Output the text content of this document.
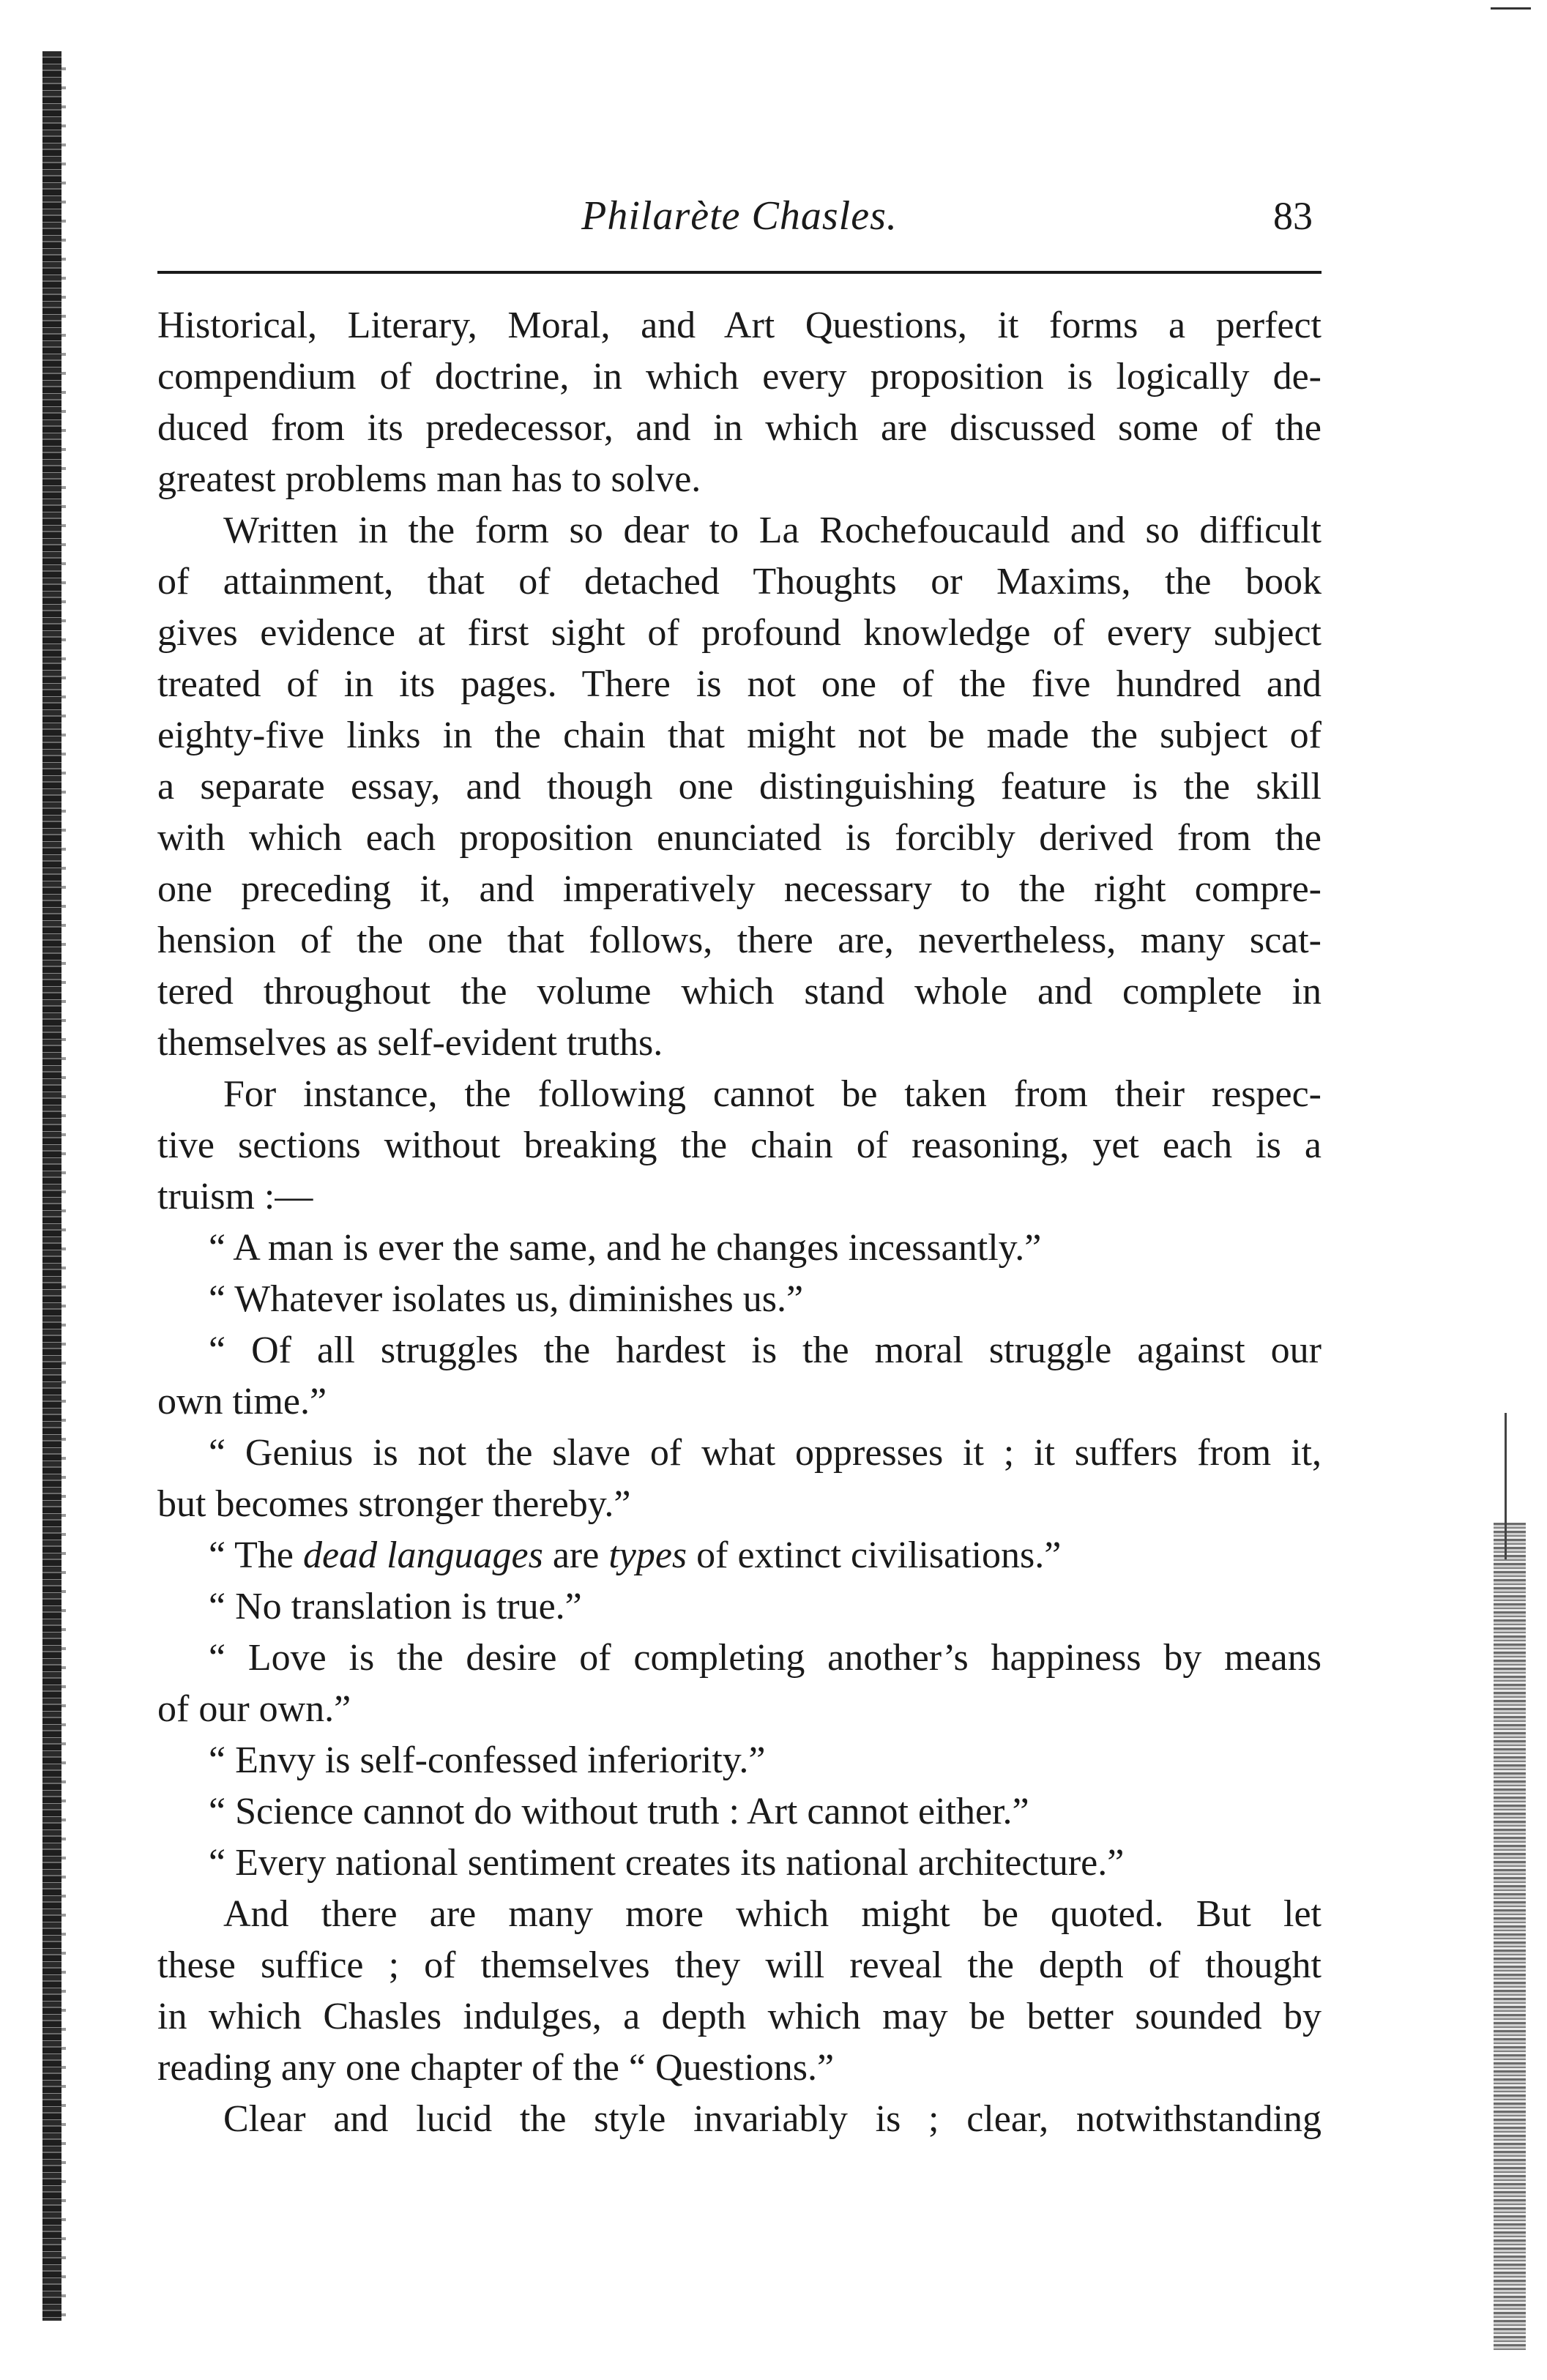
Philarète Chasles.	83
Historical, Literary, Moral, and Art Questions, it forms a perfect
compendium of doctrine, in which every proposition is logically de-
duced from its predecessor, and in which are discussed some of the
greatest problems man has to solve.
Written in the form so dear to La Rochefoucauld and so difficult
of attainment, that of detached Thoughts or Maxims, the book
gives evidence at first sight of profound knowledge of every subject
treated of in its pages. There is not one of the five hundred and
eighty-five links in the chain that might not be made the subject of
a separate essay, and though one distinguishing feature is the skill
with which each proposition enunciated is forcibly derived from the
one preceding it, and imperatively necessary to the right compre-
hension of the one that follows, there are, nevertheless, many scat-
tered throughout the volume which stand whole and complete in
themselves as self-evident truths.
For instance, the following cannot be taken from their respec-
tive sections without breaking the chain of reasoning, yet each is a
truism :—
“ A man is ever the same, and he changes incessantly.”
“ Whatever isolates us, diminishes us.”
“ Of all struggles the hardest is the moral struggle against our
own time.”
“ Genius is not the slave of what oppresses it ; it suffers from it,
but becomes stronger thereby.”
“ The dead languages are types of extinct civilisations.”
“ No translation is true.”
“ Love is the desire of completing another’s happiness by means
of our own.”
“ Envy is self-confessed inferiority.”
“ Science cannot do without truth : Art cannot either.”
“ Every national sentiment creates its national architecture.”
And there are many more which might be quoted. But let
these suffice ; of themselves they will reveal the depth of thought
in which Chasles indulges, a depth which may be better sounded by
reading any one chapter of the “ Questions.”
Clear and lucid the style invariably is ; clear, notwithstanding
